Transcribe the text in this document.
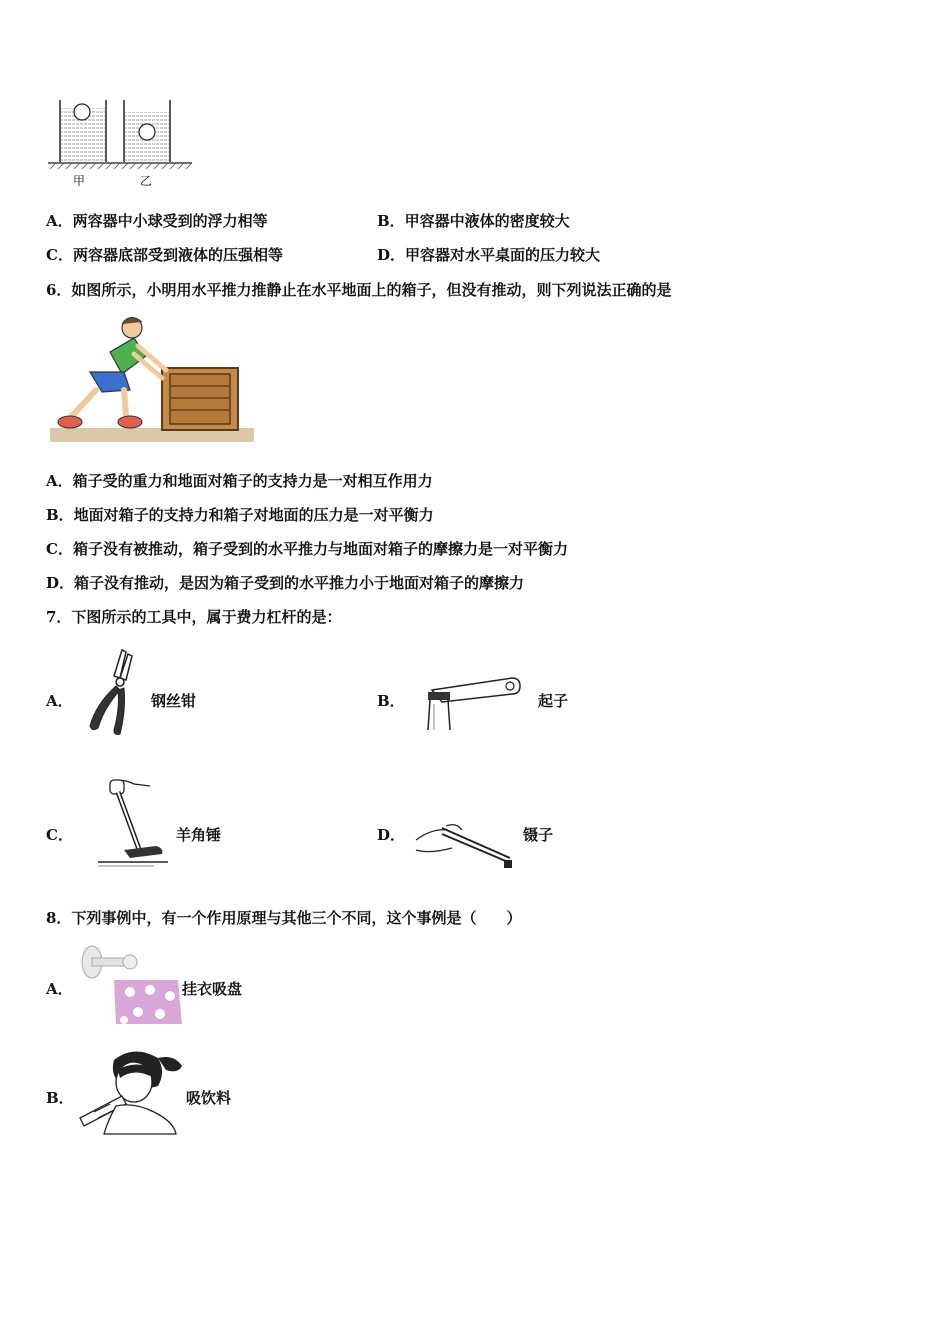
甲	乙
A．两容器中小球受到的浮力相等	B．甲容器中液体的密度较大
C．两容器底部受到液体的压强相等	D．甲容器对水平桌面的压力较大
6．如图所示，小明用水平推力推静止在水平地面上的箱子，但没有推动，则下列说法正确的是
A．箱子受的重力和地面对箱子的支持力是一对相互作用力
B．地面对箱子的支持力和箱子对地面的压力是一对平衡力
C．箱子没有被推动，箱子受到的水平推力与地面对箱子的摩擦力是一对平衡力
D．箱子没有推动，是因为箱子受到的水平推力小于地面对箱子的摩擦力
7．下图所示的工具中，属于费力杠杆的是：
A．	钢丝钳	B．	起子
C．	羊角锤	D．	镊子
8．下列事例中，有一个作用原理与其他三个不同，这个事例是（　　）
A．	挂衣吸盘
B．	吸饮料
